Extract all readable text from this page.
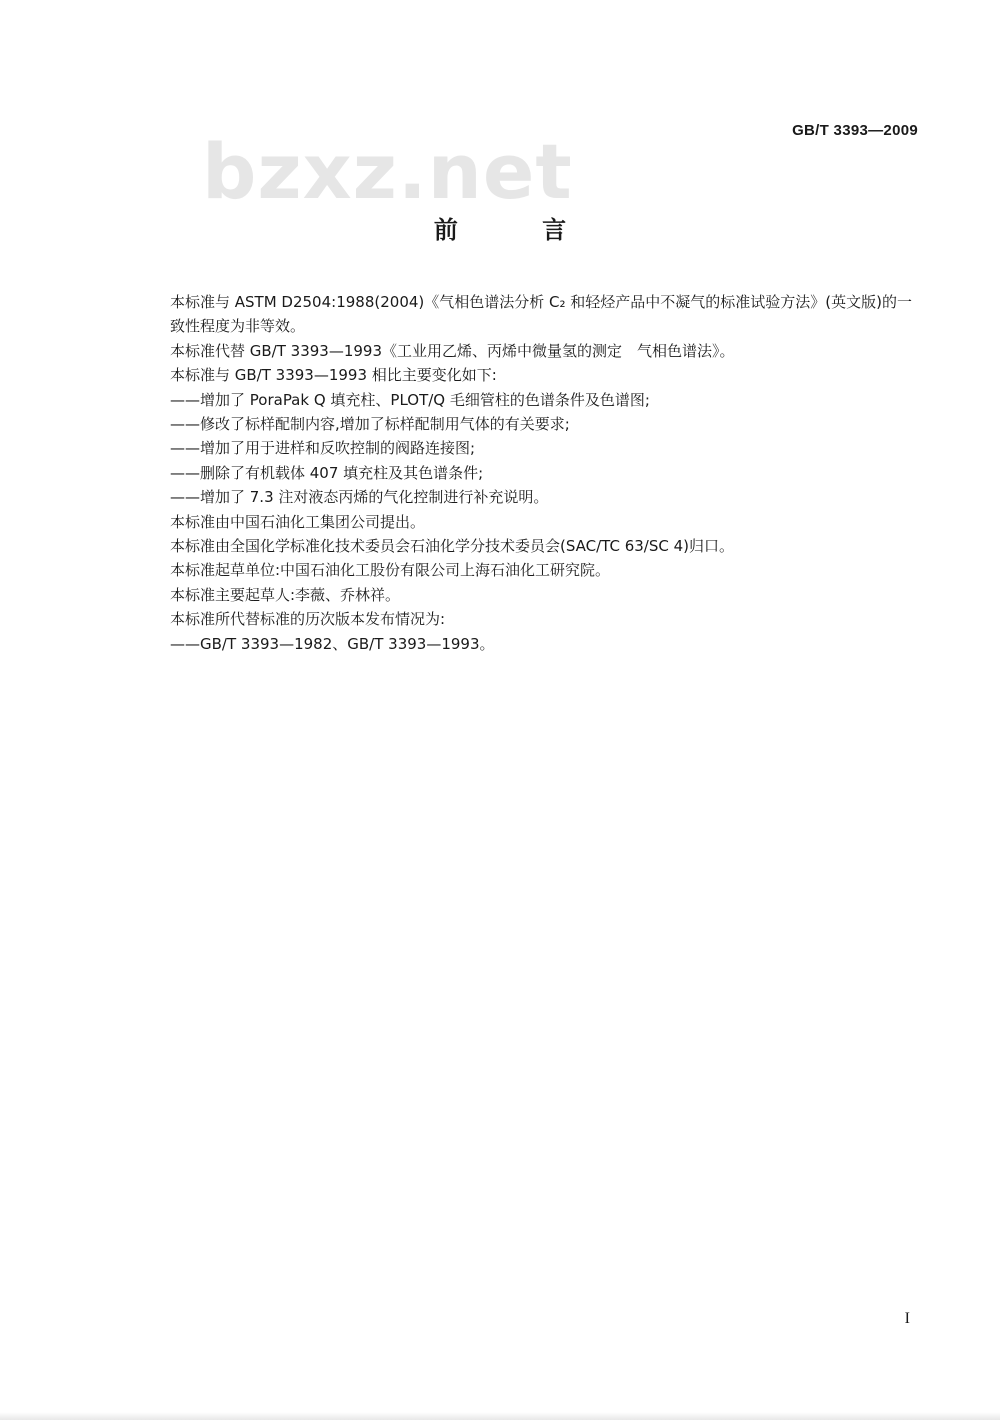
GB/T 3393—2009
bzxz.net
前 言

本标准与 ASTM D2504:1988(2004)《气相色谱法分析 C₂ 和轻烃产品中不凝气的标准试验方法》(英文版)的一致性程度为非等效。

本标准代替 GB/T 3393—1993《工业用乙烯、丙烯中微量氢的测定　气相色谱法》。

本标准与 GB/T 3393—1993 相比主要变化如下:

——增加了 PoraPak Q 填充柱、PLOT/Q 毛细管柱的色谱条件及色谱图;

——修改了标样配制内容,增加了标样配制用气体的有关要求;

——增加了用于进样和反吹控制的阀路连接图;

——删除了有机载体 407 填充柱及其色谱条件;

——增加了 7.3 注对液态丙烯的气化控制进行补充说明。

本标准由中国石油化工集团公司提出。

本标准由全国化学标准化技术委员会石油化学分技术委员会(SAC/TC 63/SC 4)归口。

本标准起草单位:中国石油化工股份有限公司上海石油化工研究院。

本标准主要起草人:李薇、乔林祥。

本标准所代替标准的历次版本发布情况为:

——GB/T 3393—1982、GB/T 3393—1993。

I
